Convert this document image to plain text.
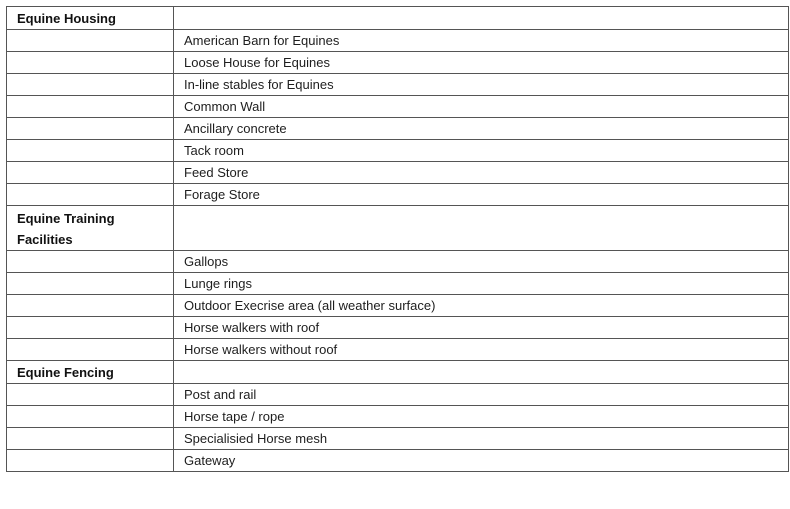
Equine Housing	
	American Barn for Equines
	Loose House for Equines
	In-line stables for Equines
	Common Wall
	Ancillary concrete
	Tack room
	Feed Store
	Forage Store
Equine Training Facilities	
	Gallops
	Lunge rings
	Outdoor Execrise area (all weather surface)
	Horse walkers with roof
	Horse walkers without roof
Equine Fencing	
	Post and rail
	Horse tape / rope
	Specialisied Horse mesh
	Gateway
